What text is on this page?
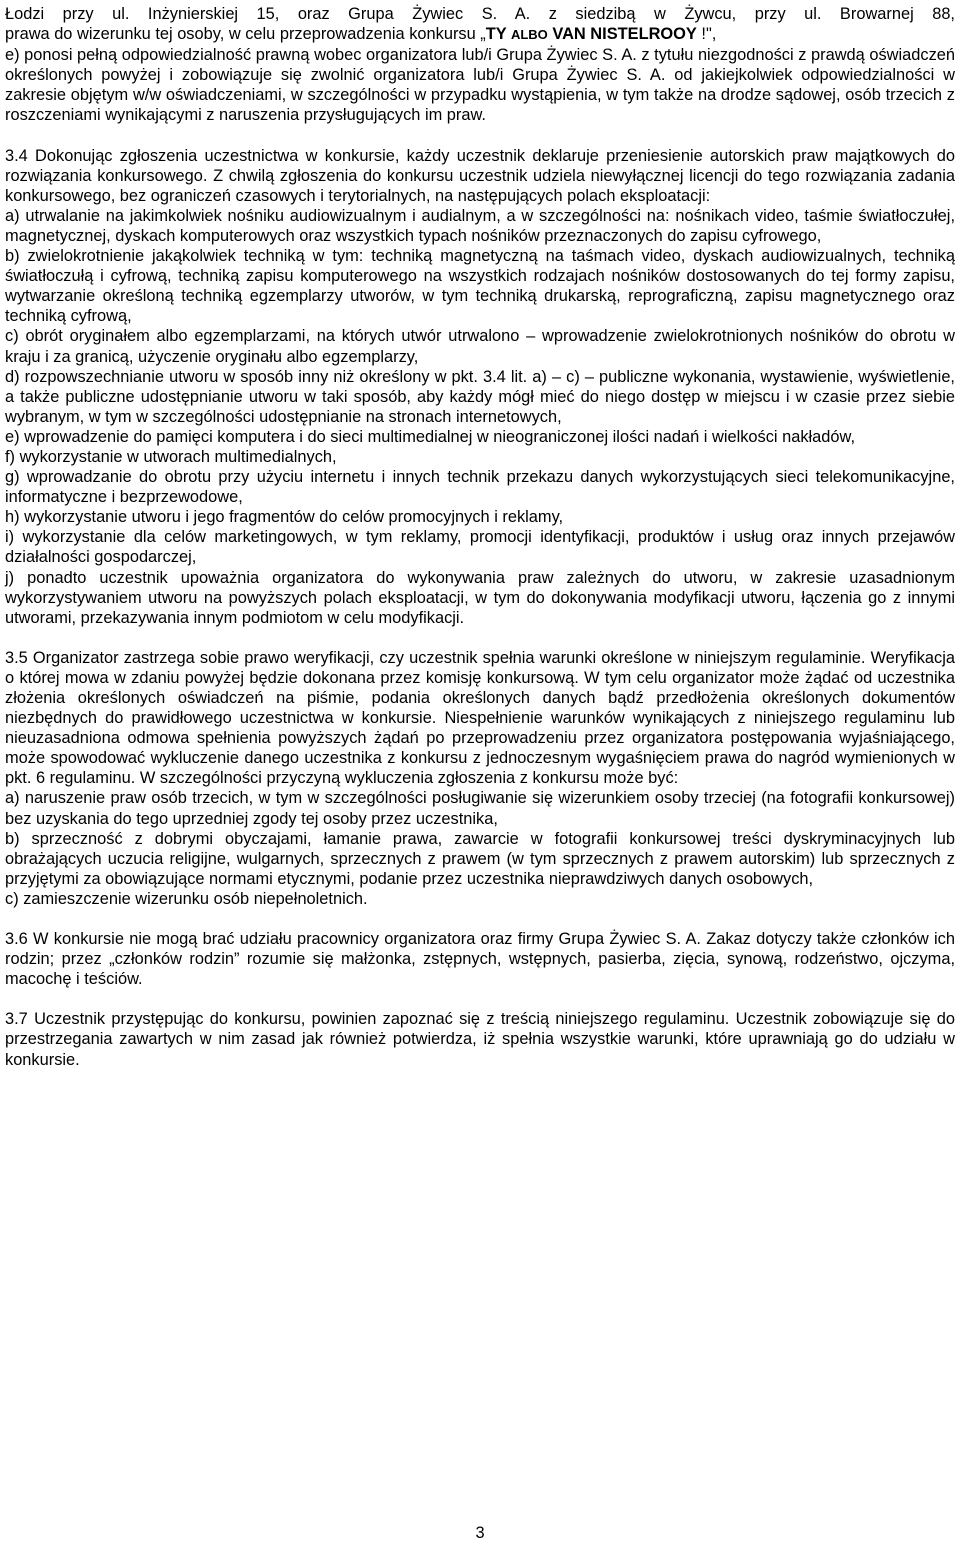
Łodzi przy ul. Inżynierskiej 15, oraz Grupa Żywiec S. A. z siedzibą w Żywcu, przy ul. Browarnej 88,
prawa do wizerunku tej osoby, w celu przeprowadzenia konkursu „TY ALBO VAN NISTELROOY !",

e) ponosi pełną odpowiedzialność prawną wobec organizatora lub/i Grupa Żywiec S. A. z tytułu niezgodności z prawdą oświadczeń określonych powyżej i zobowiązuje się zwolnić organizatora lub/i Grupa Żywiec S. A. od jakiejkolwiek odpowiedzialności w zakresie objętym w/w oświadczeniami, w szczególności w przypadku wystąpienia, w tym także na drodze sądowej, osób trzecich z roszczeniami wynikającymi z naruszenia przysługujących im praw.

3.4 Dokonując zgłoszenia uczestnictwa w konkursie, każdy uczestnik deklaruje przeniesienie autorskich praw majątkowych do rozwiązania konkursowego. Z chwilą zgłoszenia do konkursu uczestnik udziela niewyłącznej licencji do tego rozwiązania zadania konkursowego, bez ograniczeń czasowych i terytorialnych, na następujących polach eksploatacji:

a) utrwalanie na jakimkolwiek nośniku audiowizualnym i audialnym, a w szczególności na: nośnikach video, taśmie światłoczułej, magnetycznej, dyskach komputerowych oraz wszystkich typach nośników przeznaczonych do zapisu cyfrowego,

b) zwielokrotnienie jakąkolwiek techniką w tym: techniką magnetyczną na taśmach video, dyskach audiowizualnych, techniką światłoczułą i cyfrową, techniką zapisu komputerowego na wszystkich rodzajach nośników dostosowanych do tej formy zapisu, wytwarzanie określoną techniką egzemplarzy utworów, w tym techniką drukarską, reprograficzną, zapisu magnetycznego oraz techniką cyfrową,

c) obrót oryginałem albo egzemplarzami, na których utwór utrwalono – wprowadzenie zwielokrotnionych nośników do obrotu w kraju i za granicą, użyczenie oryginału albo egzemplarzy,

d) rozpowszechnianie utworu w sposób inny niż określony w pkt. 3.4 lit. a) – c) – publiczne wykonania, wystawienie, wyświetlenie, a także publiczne udostępnianie utworu w taki sposób, aby każdy mógł mieć do niego dostęp w miejscu i w czasie przez siebie wybranym, w tym w szczególności udostępnianie na stronach internetowych,

e) wprowadzenie do pamięci komputera i do sieci multimedialnej w nieograniczonej ilości nadań i wielkości nakładów,

f) wykorzystanie w utworach multimedialnych,

g) wprowadzanie do obrotu przy użyciu internetu i innych technik przekazu danych wykorzystujących sieci telekomunikacyjne, informatyczne i bezprzewodowe,

h) wykorzystanie utworu i jego fragmentów do celów promocyjnych i reklamy,

i) wykorzystanie dla celów marketingowych, w tym reklamy, promocji identyfikacji, produktów i usług oraz innych przejawów działalności gospodarczej,

j) ponadto uczestnik upoważnia organizatora do wykonywania praw zależnych do utworu, w zakresie uzasadnionym wykorzystywaniem utworu na powyższych polach eksploatacji, w tym do dokonywania modyfikacji utworu, łączenia go z innymi utworami, przekazywania innym podmiotom w celu modyfikacji.

3.5 Organizator zastrzega sobie prawo weryfikacji, czy uczestnik spełnia warunki określone w niniejszym regulaminie. Weryfikacja o której mowa w zdaniu powyżej będzie dokonana przez komisję konkursową. W tym celu organizator może żądać od uczestnika złożenia określonych oświadczeń na piśmie, podania określonych danych bądź przedłożenia określonych dokumentów niezbędnych do prawidłowego uczestnictwa w konkursie. Niespełnienie warunków wynikających z niniejszego regulaminu lub nieuzasadniona odmowa spełnienia powyższych żądań po przeprowadzeniu przez organizatora postępowania wyjaśniającego, może spowodować wykluczenie danego uczestnika z konkursu z jednoczesnym wygaśnięciem prawa do nagród wymienionych w pkt. 6 regulaminu. W szczególności przyczyną wykluczenia zgłoszenia z konkursu może być:

a) naruszenie praw osób trzecich, w tym w szczególności posługiwanie się wizerunkiem osoby trzeciej (na fotografii konkursowej) bez uzyskania do tego uprzedniej zgody tej osoby przez uczestnika,

b) sprzeczność z dobrymi obyczajami, łamanie prawa, zawarcie w fotografii konkursowej treści dyskryminacyjnych lub obrażających uczucia religijne, wulgarnych, sprzecznych z prawem (w tym sprzecznych z prawem autorskim) lub sprzecznych z przyjętymi za obowiązujące normami etycznymi, podanie przez uczestnika nieprawdziwych danych osobowych,

c) zamieszczenie wizerunku osób niepełnoletnich.

3.6 W konkursie nie mogą brać udziału pracownicy organizatora oraz firmy Grupa Żywiec S. A. Zakaz dotyczy także członków ich rodzin; przez „członków rodzin” rozumie się małżonka, zstępnych, wstępnych, pasierba, zięcia, synową, rodzeństwo, ojczyma, macochę i teściów.

3.7 Uczestnik przystępując do konkursu, powinien zapoznać się z treścią niniejszego regulaminu. Uczestnik zobowiązuje się do przestrzegania zawartych w nim zasad jak również potwierdza, iż spełnia wszystkie warunki, które uprawniają go do udziału w konkursie.

3
